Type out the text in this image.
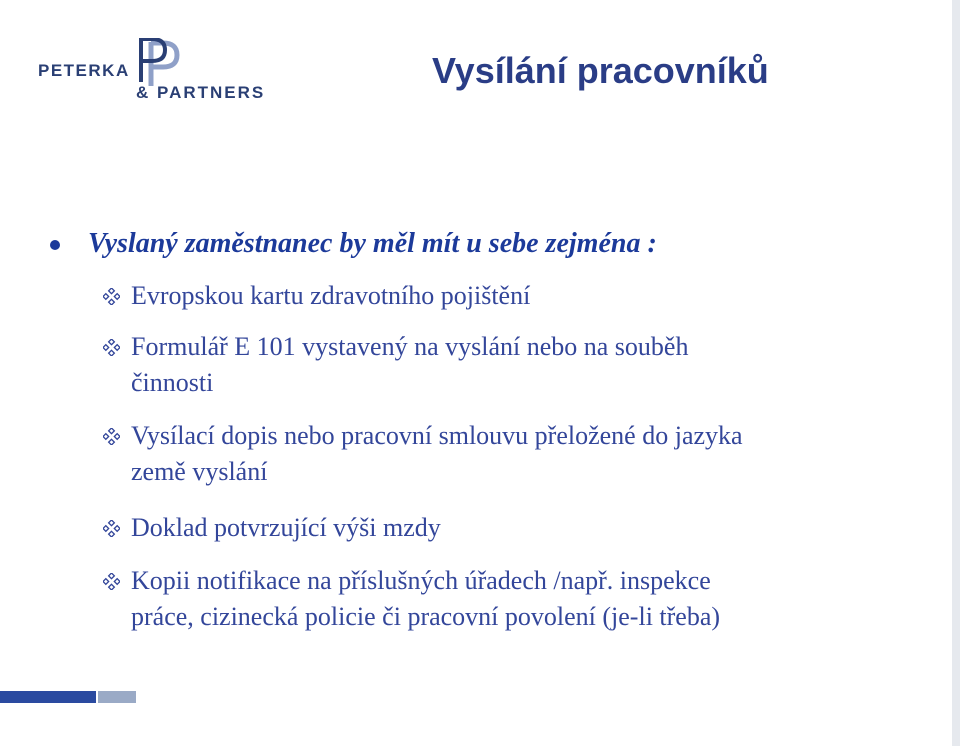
PETERKA
& PARTNERS
Vysílání pracovníků
Vyslaný zaměstnanec by měl mít u sebe zejména :
Evropskou kartu zdravotního pojištění
Formulář E 101 vystavený na vyslání nebo na souběh
činnosti
Vysílací dopis nebo pracovní smlouvu přeložené do jazyka
země vyslání
Doklad potvrzující výši mzdy
Kopii notifikace na příslušných úřadech /např. inspekce
práce, cizinecká policie či pracovní povolení (je-li třeba)
